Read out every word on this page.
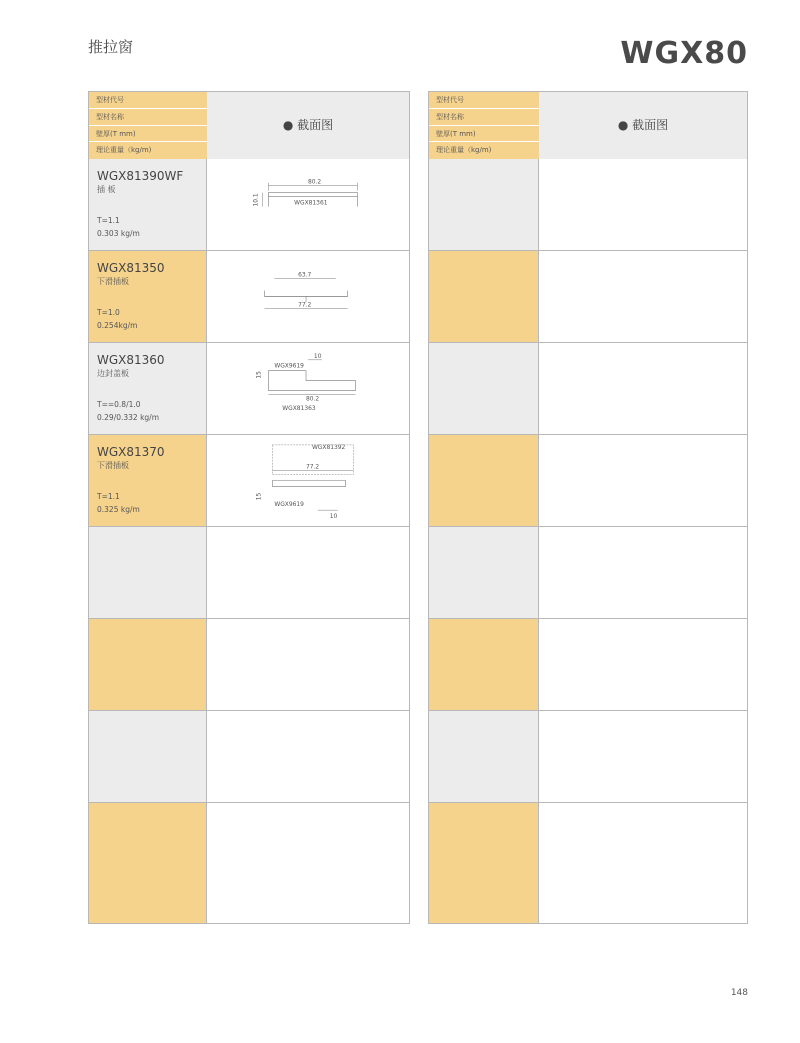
推拉窗	WGX80
型材代号
型材名称
壁厚(T mm)
理论重量（kg/m)
● 截面图
WGX81390WF
插 板
T=1.1
0.303 kg/m
80.2
10.1	WGX81361
WGX81350
下滑插板
T=1.0
0.254kg/m
63.7
77.2
WGX81360
边封盖板
T==0.8/1.0
0.29/0.332 kg/m
WGX9619
10
15
80.2
WGX81363
WGX81370
下滑插板
T=1.1
0.325 kg/m
WGX81392
77.2
15
WGX9619
10
型材代号
型材名称
壁厚(T mm)
理论重量（kg/m)
● 截面图
148
